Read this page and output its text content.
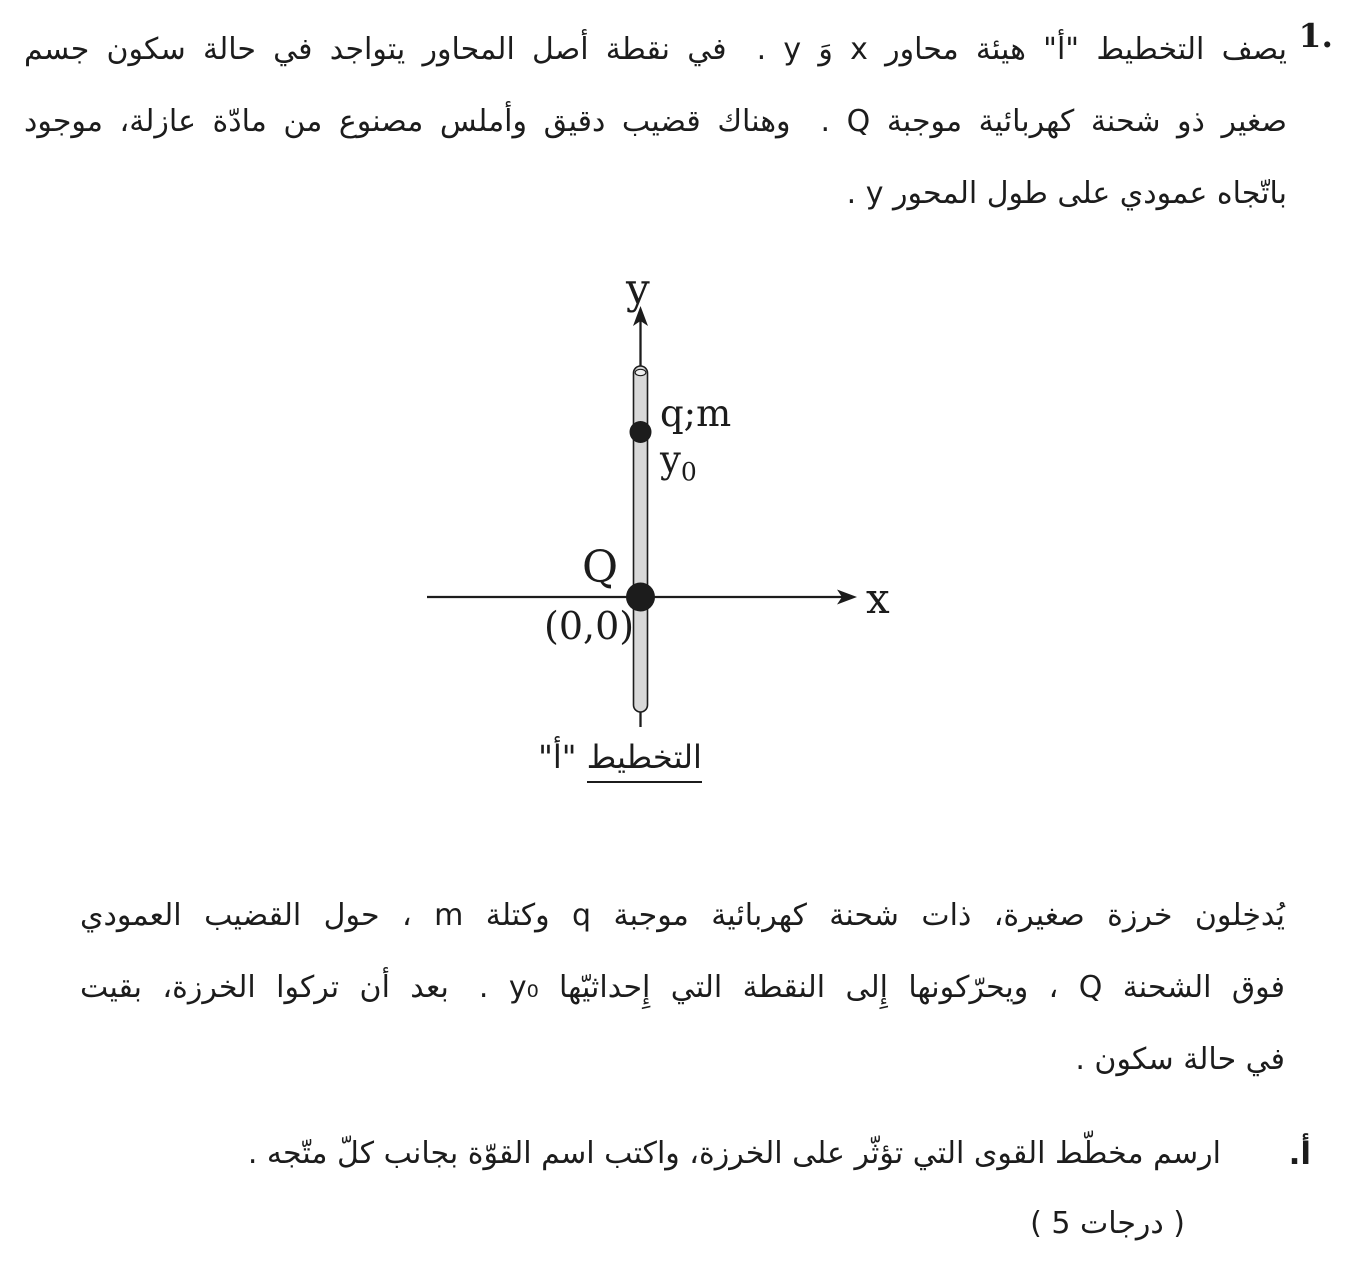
1.
يصف التخطيط "أ" هيئة محاور x وَ y . في نقطة أصل المحاور يتواجد في حالة سكون جسم
صغير ذو شحنة كهربائية موجبة Q . وهناك قضيب دقيق وأملس مصنوع من مادّة عازلة، موجود
باتّجاه عمودي على طول المحور y .
y
x
q;m
$y_0$
Q
(0,0)
التخطيط "أ"
يُدخِلون خرزة صغيرة، ذات شحنة كهربائية موجبة q وكتلة m ، حول القضيب العمودي
فوق الشحنة Q ، ويحرّكونها إِلى النقطة التي إِحداثيّها y₀ . بعد أن تركوا الخرزة، بقيت
في حالة سكون .
أ.
ارسم مخطّط القوى التي تؤثّر على الخرزة، واكتب اسم القوّة بجانب كلّ متّجه .
( 5 درجات )
